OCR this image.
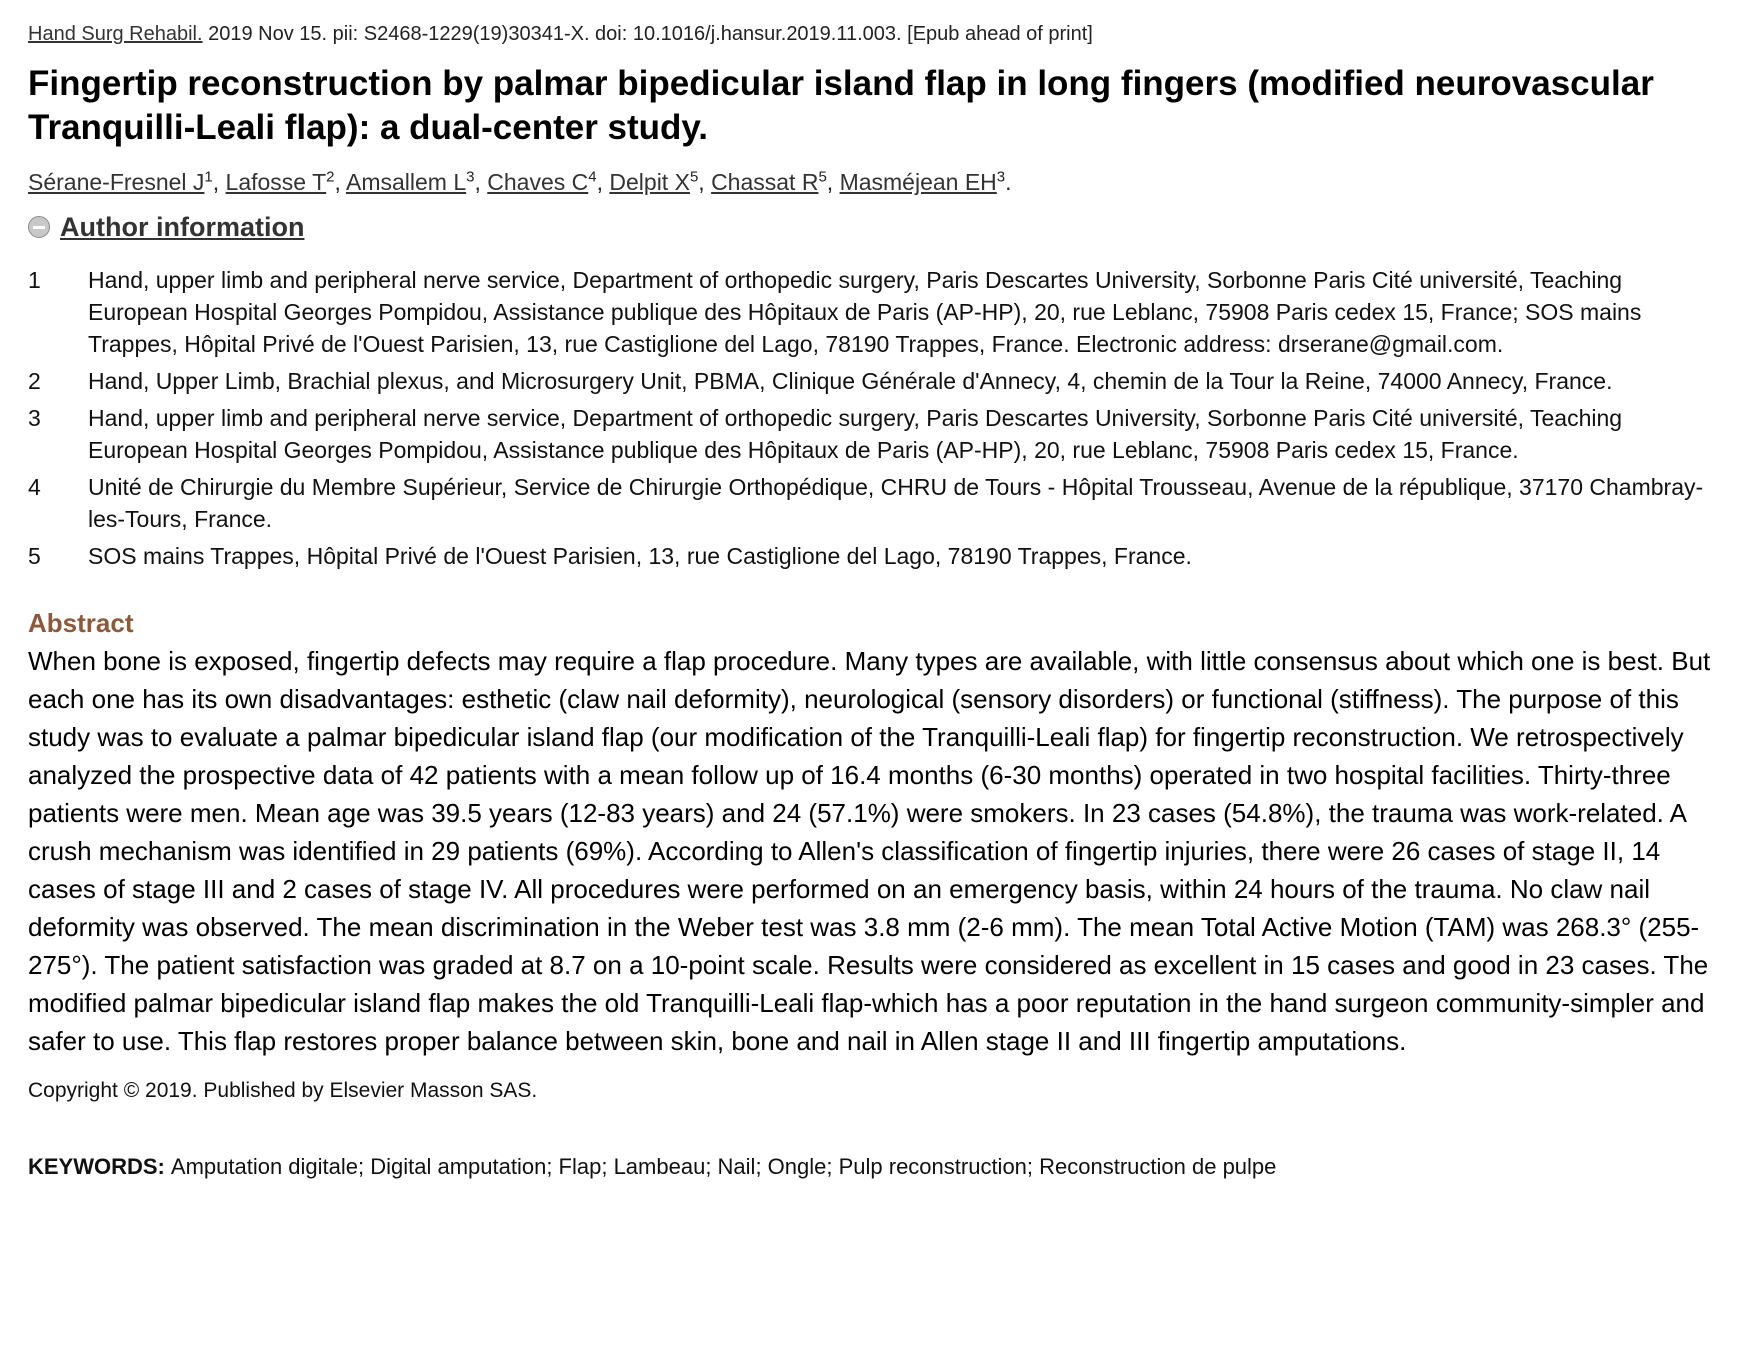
Hand Surg Rehabil. 2019 Nov 15. pii: S2468-1229(19)30341-X. doi: 10.1016/j.hansur.2019.11.003. [Epub ahead of print]
Fingertip reconstruction by palmar bipedicular island flap in long fingers (modified neurovascular Tranquilli-Leali flap): a dual-center study.
Sérane-Fresnel $J^1$, Lafosse $T^2$, Amsallem $L^3$, Chaves $C^4$, Delpit $X^5$, Chassat $R^5$, Masméjean $EH^3$.
Author information
1	Hand, upper limb and peripheral nerve service, Department of orthopedic surgery, Paris Descartes University, Sorbonne Paris Cité université, Teaching European Hospital Georges Pompidou, Assistance publique des Hôpitaux de Paris (AP-HP), 20, rue Leblanc, 75908 Paris cedex 15, France; SOS mains Trappes, Hôpital Privé de l'Ouest Parisien, 13, rue Castiglione del Lago, 78190 Trappes, France. Electronic address: drserane@gmail.com.
2	Hand, Upper Limb, Brachial plexus, and Microsurgery Unit, PBMA, Clinique Générale d'Annecy, 4, chemin de la Tour la Reine, 74000 Annecy, France.
3	Hand, upper limb and peripheral nerve service, Department of orthopedic surgery, Paris Descartes University, Sorbonne Paris Cité université, Teaching European Hospital Georges Pompidou, Assistance publique des Hôpitaux de Paris (AP-HP), 20, rue Leblanc, 75908 Paris cedex 15, France.
4	Unité de Chirurgie du Membre Supérieur, Service de Chirurgie Orthopédique, CHRU de Tours - Hôpital Trousseau, Avenue de la république, 37170 Chambray-les-Tours, France.
5	SOS mains Trappes, Hôpital Privé de l'Ouest Parisien, 13, rue Castiglione del Lago, 78190 Trappes, France.
Abstract
When bone is exposed, fingertip defects may require a flap procedure. Many types are available, with little consensus about which one is best. But each one has its own disadvantages: esthetic (claw nail deformity), neurological (sensory disorders) or functional (stiffness). The purpose of this study was to evaluate a palmar bipedicular island flap (our modification of the Tranquilli-Leali flap) for fingertip reconstruction. We retrospectively analyzed the prospective data of 42 patients with a mean follow up of 16.4 months (6-30 months) operated in two hospital facilities. Thirty-three patients were men. Mean age was 39.5 years (12-83 years) and 24 (57.1%) were smokers. In 23 cases (54.8%), the trauma was work-related. A crush mechanism was identified in 29 patients (69%). According to Allen's classification of fingertip injuries, there were 26 cases of stage II, 14 cases of stage III and 2 cases of stage IV. All procedures were performed on an emergency basis, within 24 hours of the trauma. No claw nail deformity was observed. The mean discrimination in the Weber test was 3.8 mm (2-6 mm). The mean Total Active Motion (TAM) was 268.3° (255-275°). The patient satisfaction was graded at 8.7 on a 10-point scale. Results were considered as excellent in 15 cases and good in 23 cases. The modified palmar bipedicular island flap makes the old Tranquilli-Leali flap-which has a poor reputation in the hand surgeon community-simpler and safer to use. This flap restores proper balance between skin, bone and nail in Allen stage II and III fingertip amputations.
Copyright © 2019. Published by Elsevier Masson SAS.
KEYWORDS: Amputation digitale; Digital amputation; Flap; Lambeau; Nail; Ongle; Pulp reconstruction; Reconstruction de pulpe
